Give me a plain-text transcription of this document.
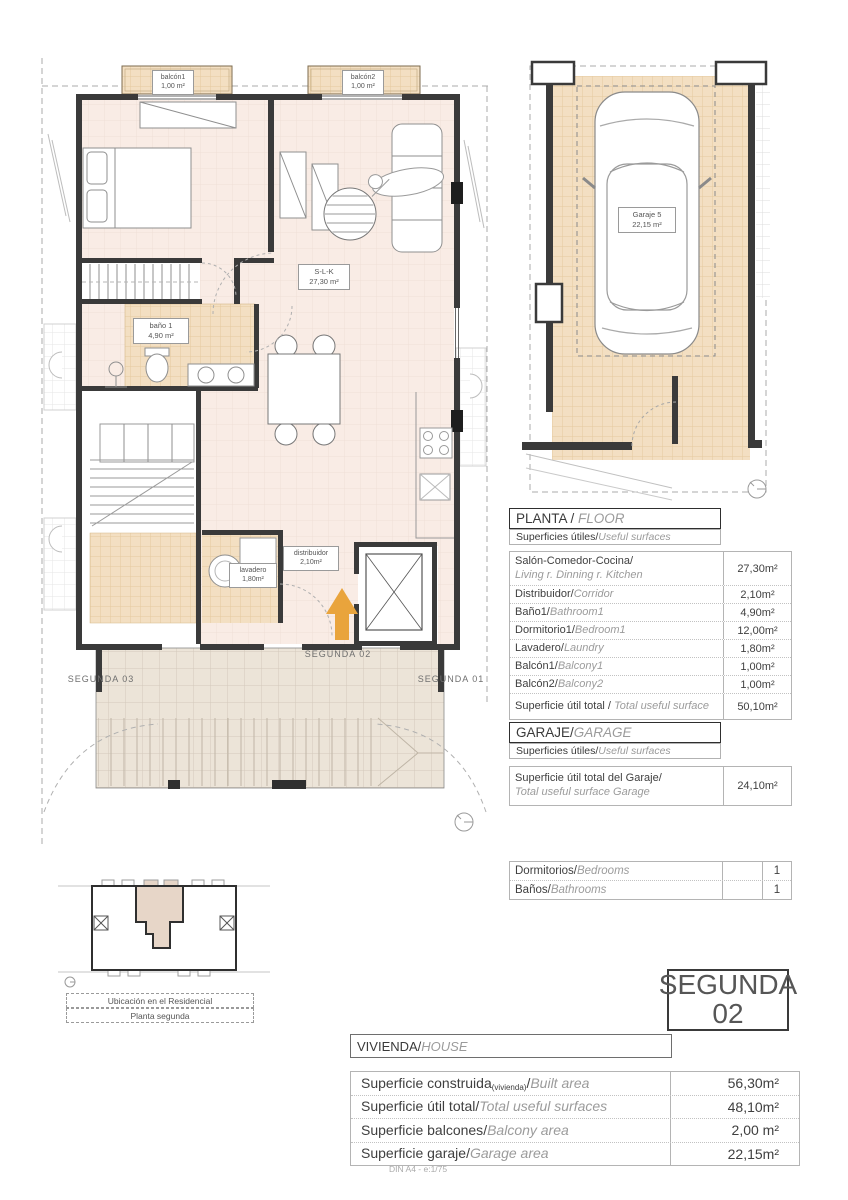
balcón1
1,00 m²
balcón2
1,00 m²
S-L-K
27,30 m²
baño 1
4,90 m²
lavadero
1,80m²
distribuidor
2,10m²
Garaje 5
22,15 m²
SEGUNDA 02
SEGUNDA 03	SEGUNDA 01
PLANTA / FLOOR
Superficies útiles/Useful surfaces
Salón-Comedor-Cocina/
Living r. Dinning r. Kitchen	27,30m²
Distribuidor/Corridor	2,10m²
Baño1/Bathroom1	4,90m²
Dormitorio1/Bedroom1	12,00m²
Lavadero/Laundry	1,80m²
Balcón1/Balcony1	1,00m²
Balcón2/Balcony2	1,00m²
Superficie útil total / Total useful surface	50,10m²
GARAJE/GARAGE
Superficies útiles/Useful surfaces
Superficie útil total del Garaje/
Total useful surface Garage	24,10m²
Dormitorios/Bedrooms	1
Baños/Bathrooms	1
Ubicación en el Residencial
Planta segunda
SEGUNDA
02
VIVIENDA/HOUSE
Superficie construida(vivienda)/Built area	56,30m²
Superficie útil total/Total useful surfaces	48,10m²
Superficie balcones/Balcony area	2,00 m²
Superficie garaje/Garage area	22,15m²
DIN A4 - e:1/75
